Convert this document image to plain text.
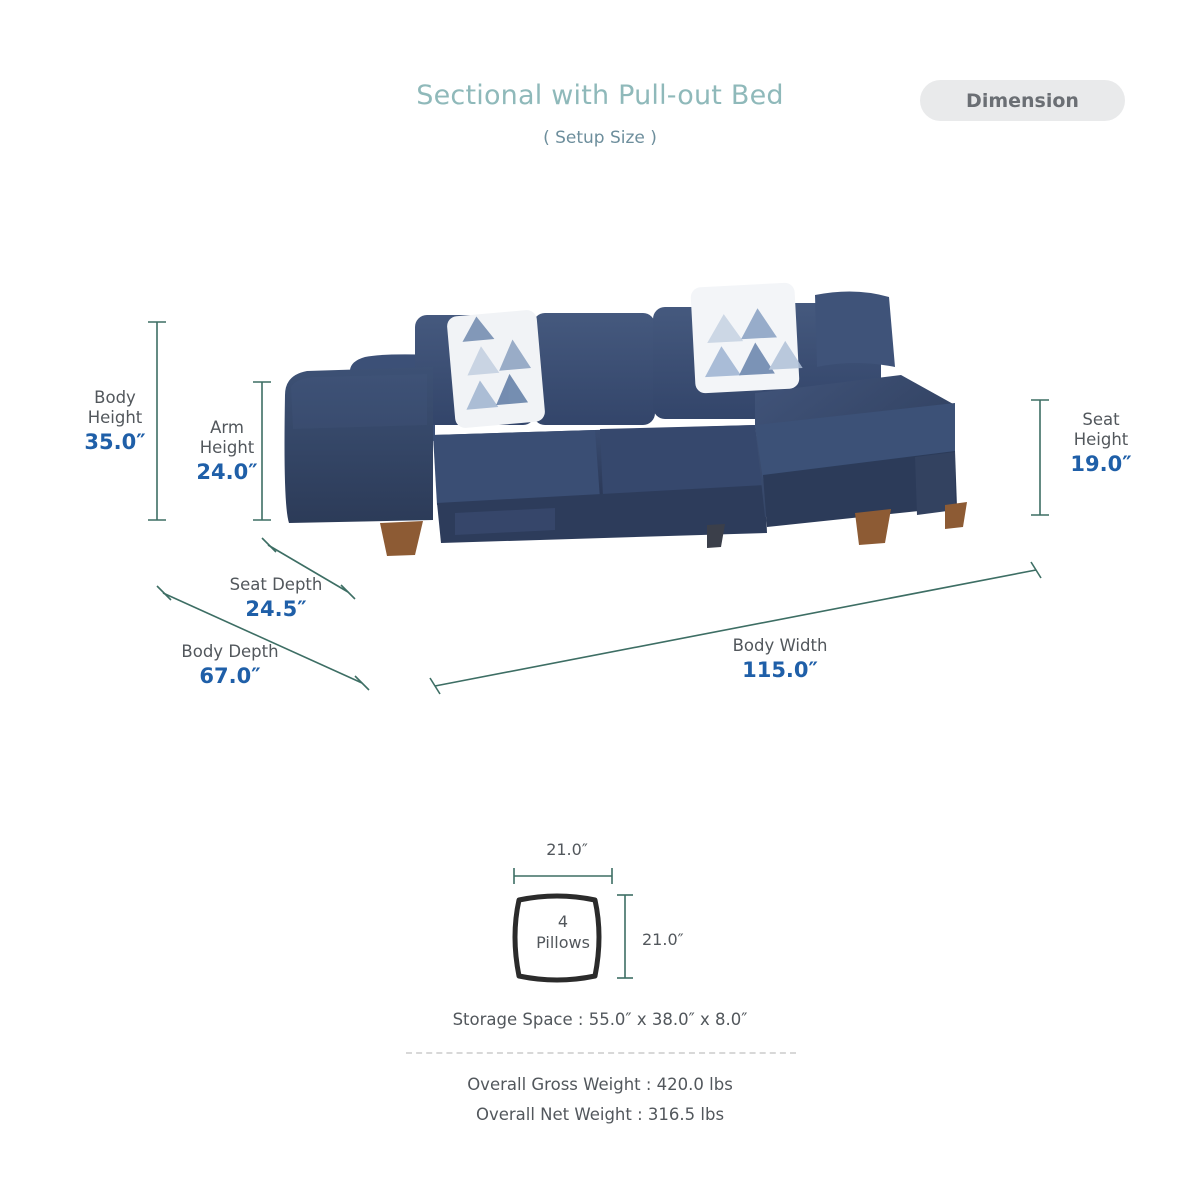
Sectional with Pull-out Bed
( Setup Size )
Dimension
Body
Height
35.0″
Arm
Height
24.0″
Seat
Height
19.0″
Seat Depth
24.5″
Body Depth
67.0″
Body Width
115.0″
21.0″
21.0″
4
Pillows
Storage Space : 55.0″ x 38.0″ x 8.0″
Overall Gross Weight : 420.0 lbs
Overall Net Weight : 316.5 lbs
